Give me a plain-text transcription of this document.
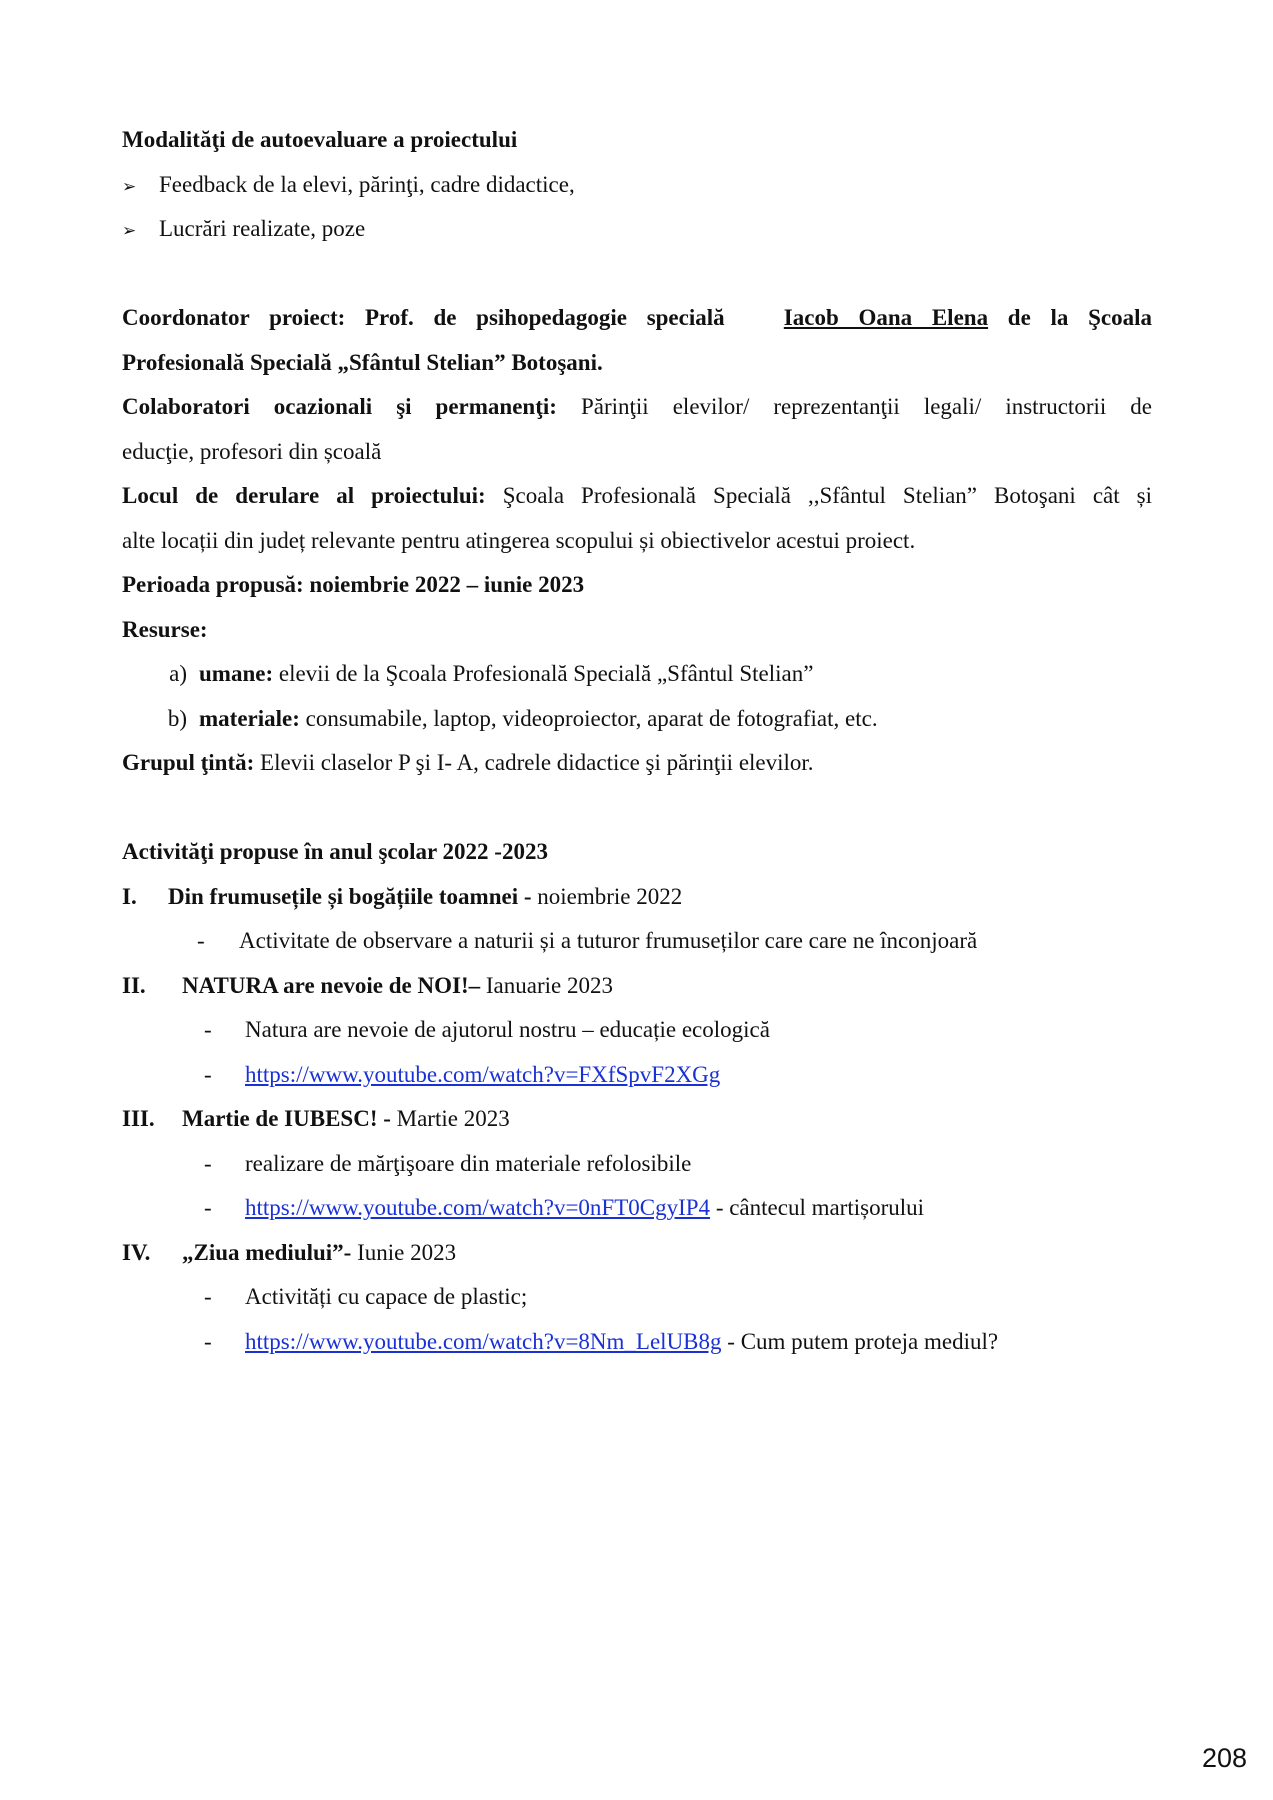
Modalităţi de autoevaluare a proiectului
➢ Feedback de la elevi, părinţi, cadre didactice,
➢ Lucrări realizate, poze
Coordonator proiect: Prof. de psihopedagogie specială	Iacob Oana Elena de la Şcoala
Profesională Specială „Sfântul Stelian” Botoşani.
Colaboratori ocazionali şi permanenţi: Părinţii elevilor/ reprezentanţii legali/ instructorii de
educţie, profesori din școală
Locul de derulare al proiectului: Şcoala Profesională Specială ,,Sfântul Stelian” Botoşani cât și
alte locații din județ relevante pentru atingerea scopului și obiectivelor acestui proiect.
Perioada propusă: noiembrie 2022 – iunie 2023
Resurse:
a) umane: elevii de la Şcoala Profesională Specială „Sfântul Stelian”
b) materiale: consumabile, laptop, videoproiector, aparat de fotografiat, etc.
Grupul ţintă: Elevii claselor P şi I- A, cadrele didactice şi părinţii elevilor.
Activităţi propuse în anul şcolar 2022 -2023
I. Din frumusețile și bogățiile toamnei - noiembrie 2022
- Activitate de observare a naturii și a tuturor frumuseților care care ne înconjoară
II. NATURA are nevoie de NOI!– Ianuarie 2023
- Natura are nevoie de ajutorul nostru – educație ecologică
- https://www.youtube.com/watch?v=FXfSpvF2XGg
III. Martie de IUBESC! - Martie 2023
- realizare de mărţişoare din materiale refolosibile
- https://www.youtube.com/watch?v=0nFT0CgyIP4 - cântecul martișorului
IV. „Ziua mediului”- Iunie 2023
- Activități cu capace de plastic;
- https://www.youtube.com/watch?v=8Nm_LelUB8g - Cum putem proteja mediul?
208
